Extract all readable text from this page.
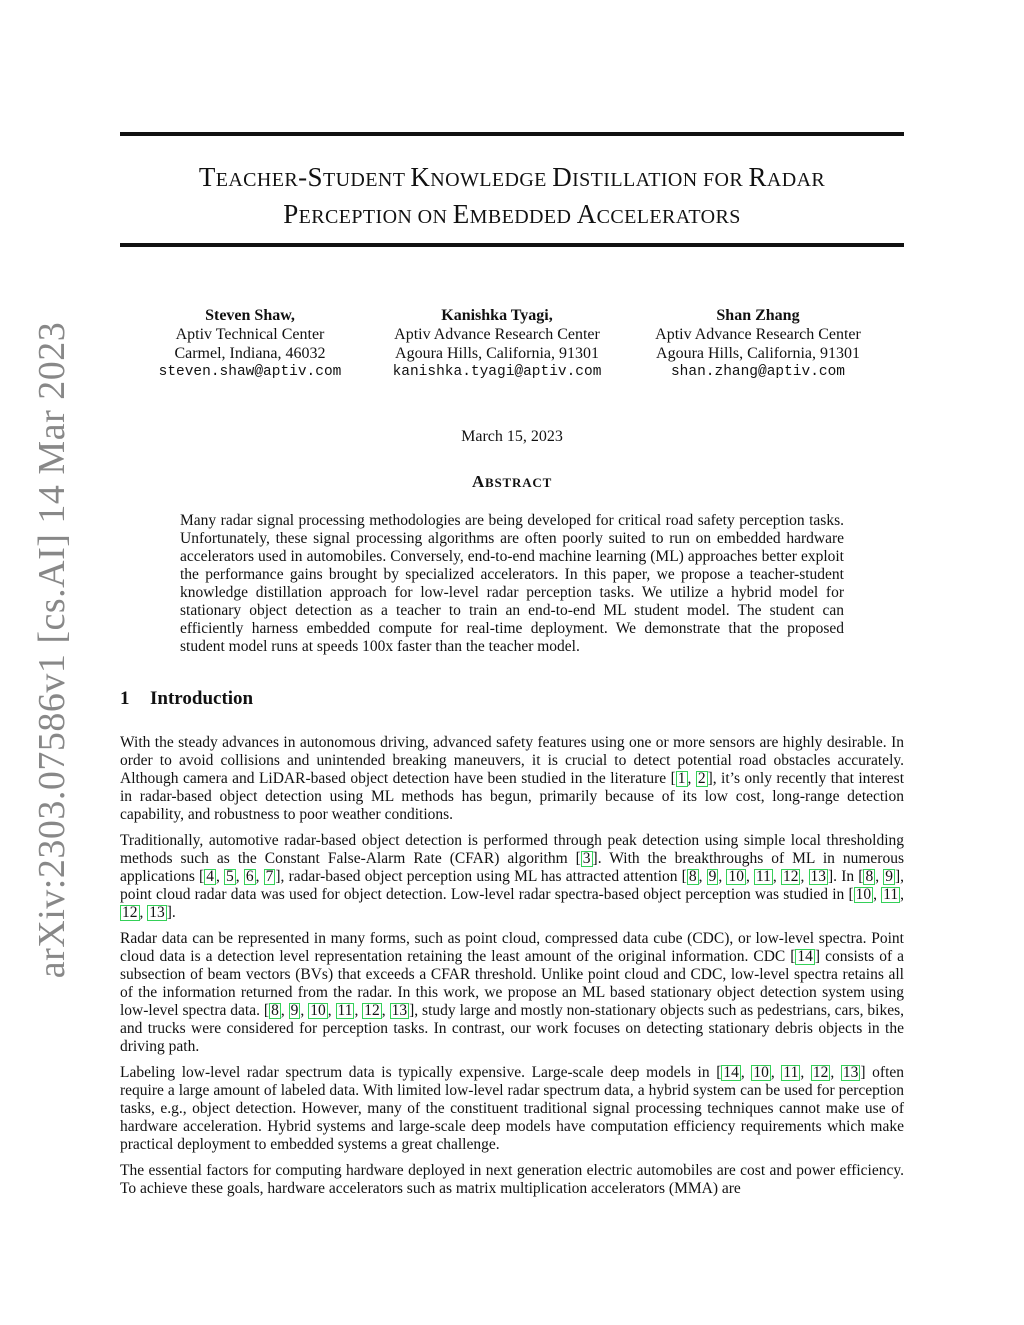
TEACHER-STUDENT KNOWLEDGE DISTILLATION FOR RADAR
PERCEPTION ON EMBEDDED ACCELERATORS
arXiv:2303.07586v1 [cs.AI] 14 Mar 2023
Steven Shaw,
Aptiv Technical Center
Carmel, Indiana, 46032
steven.shaw@aptiv.com
Kanishka Tyagi,
Aptiv Advance Research Center
Agoura Hills, California, 91301
kanishka.tyagi@aptiv.com
Shan Zhang
Aptiv Advance Research Center
Agoura Hills, California, 91301
shan.zhang@aptiv.com
March 15, 2023
ABSTRACT
Many radar signal processing methodologies are being developed for critical road safety perception tasks. Unfortunately, these signal processing algorithms are often poorly suited to run on embedded hardware accelerators used in automobiles. Conversely, end-to-end machine learning (ML) approaches better exploit the performance gains brought by specialized accelerators. In this paper, we propose a teacher-student knowledge distillation approach for low-level radar perception tasks. We utilize a hybrid model for stationary object detection as a teacher to train an end-to-end ML student model. The student can efficiently harness embedded compute for real-time deployment. We demonstrate that the proposed student model runs at speeds 100x faster than the teacher model.
1 Introduction

With the steady advances in autonomous driving, advanced safety features using one or more sensors are highly desirable. In order to avoid collisions and unintended breaking maneuvers, it is crucial to detect potential road obstacles accurately. Although camera and LiDAR-based object detection have been studied in the literature [ 1 , 2 ], it’s only recently that interest in radar-based object detection using ML methods has begun, primarily because of its low cost, long-range detection capability, and robustness to poor weather conditions.

Traditionally, automotive radar-based object detection is performed through peak detection using simple local thresholding methods such as the Constant False-Alarm Rate (CFAR) algorithm [ 3 ]. With the breakthroughs of ML in numerous applications [ 4 , 5 , 6 , 7 ], radar-based object perception using ML has attracted attention [ 8 , 9 , 10 , 11 , 12 , 13 ]. In [ 8 , 9 ], point cloud radar data was used for object detection. Low-level radar spectra-based object perception was studied in [ 10 , 11 , 12 , 13 ].

Radar data can be represented in many forms, such as point cloud, compressed data cube (CDC), or low-level spectra. Point cloud data is a detection level representation retaining the least amount of the original information. CDC [ 14 ] consists of a subsection of beam vectors (BVs) that exceeds a CFAR threshold. Unlike point cloud and CDC, low-level spectra retains all of the information returned from the radar. In this work, we propose an ML based stationary object detection system using low-level spectra data. [ 8 , 9 , 10 , 11 , 12 , 13 ], study large and mostly non-stationary objects such as pedestrians, cars, bikes, and trucks were considered for perception tasks. In contrast, our work focuses on detecting stationary debris objects in the driving path.

Labeling low-level radar spectrum data is typically expensive. Large-scale deep models in [ 14 , 10 , 11 , 12 , 13 ] often require a large amount of labeled data. With limited low-level radar spectrum data, a hybrid system can be used for perception tasks, e.g., object detection. However, many of the constituent traditional signal processing techniques cannot make use of hardware acceleration. Hybrid systems and large-scale deep models have computation efficiency requirements which make practical deployment to embedded systems a great challenge.

The essential factors for computing hardware deployed in next generation electric automobiles are cost and power efficiency. To achieve these goals, hardware accelerators such as matrix multiplication accelerators (MMA) are
